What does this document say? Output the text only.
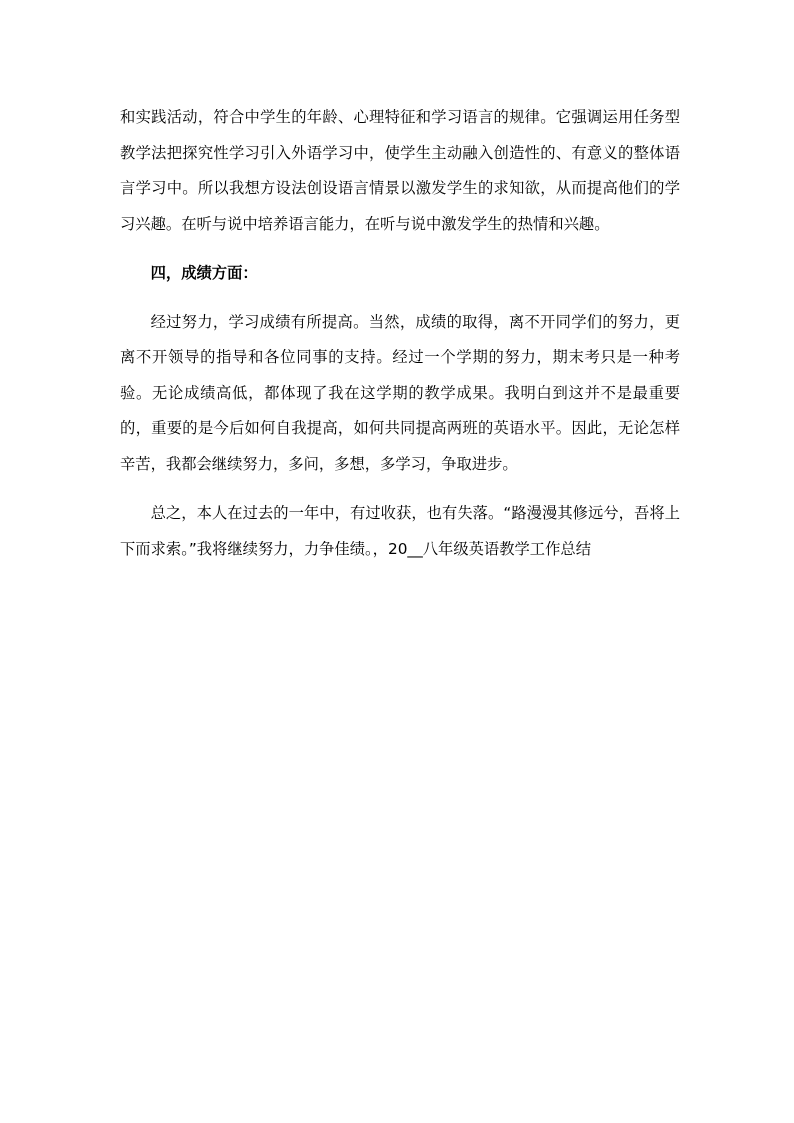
和实践活动，符合中学生的年龄、心理特征和学习语言的规律。它强调运用任务型教学法把探究性学习引入外语学习中，使学生主动融入创造性的、有意义的整体语言学习中。所以我想方设法创设语言情景以激发学生的求知欲，从而提高他们的学习兴趣。在听与说中培养语言能力，在听与说中激发学生的热情和兴趣。

四，成绩方面：

经过努力，学习成绩有所提高。当然，成绩的取得，离不开同学们的努力，更离不开领导的指导和各位同事的支持。经过一个学期的努力，期末考只是一种考验。无论成绩高低，都体现了我在这学期的教学成果。我明白到这并不是最重要的，重要的是今后如何自我提高，如何共同提高两班的英语水平。因此，无论怎样辛苦，我都会继续努力，多问，多想，多学习，争取进步。

总之，本人在过去的一年中，有过收获，也有失落。“路漫漫其修远兮，吾将上下而求索。”我将继续努力，力争佳绩。，20__八年级英语教学工作总结
